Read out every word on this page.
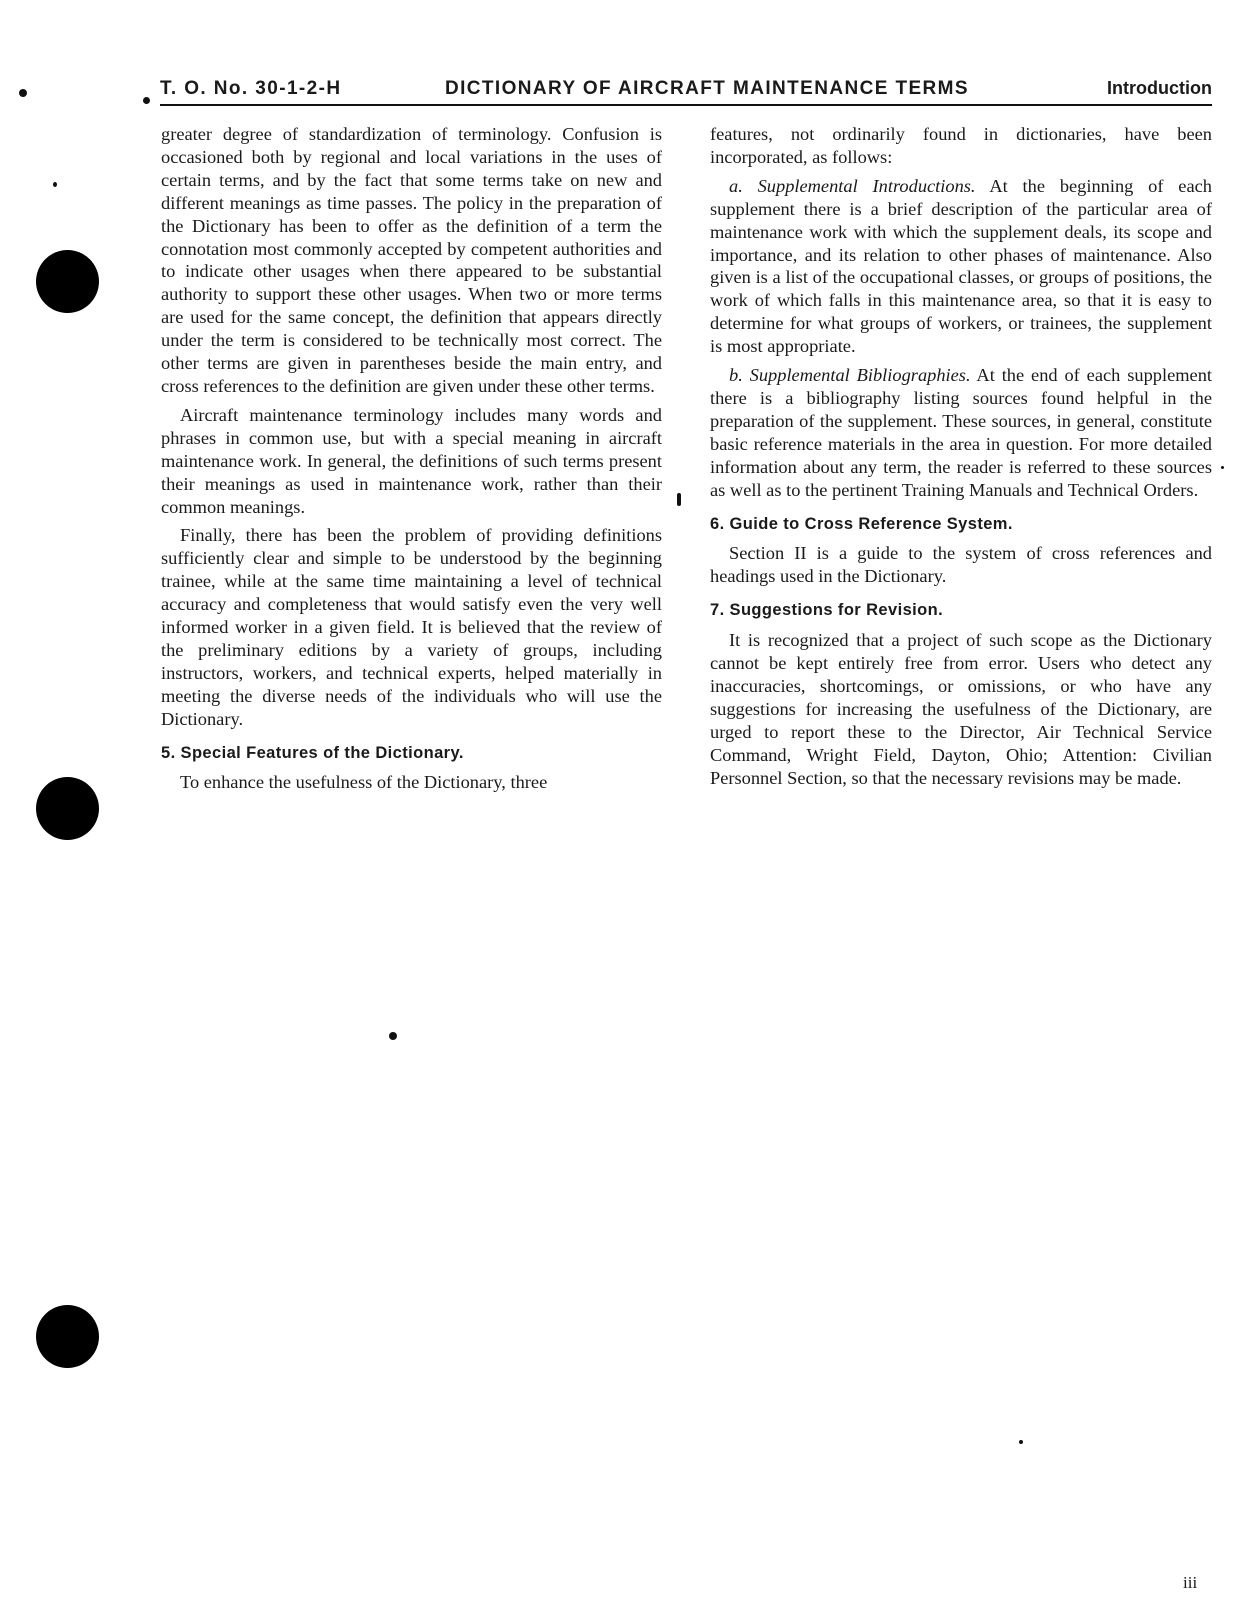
T. O. No. 30-1-2-H	DICTIONARY OF AIRCRAFT MAINTENANCE TERMS	Introduction

greater degree of standardization of terminology. Confusion is occasioned both by regional and local variations in the uses of certain terms, and by the fact that some terms take on new and different meanings as time passes. The policy in the preparation of the Dictionary has been to offer as the definition of a term the connotation most commonly accepted by competent authorities and to indicate other usages when there appeared to be substantial authority to support these other usages. When two or more terms are used for the same concept, the definition that appears directly under the term is considered to be technically most correct. The other terms are given in parentheses beside the main entry, and cross references to the definition are given under these other terms.

Aircraft maintenance terminology includes many words and phrases in common use, but with a special meaning in aircraft maintenance work. In general, the definitions of such terms present their meanings as used in maintenance work, rather than their common meanings.

Finally, there has been the problem of providing definitions sufficiently clear and simple to be understood by the beginning trainee, while at the same time maintaining a level of technical accuracy and completeness that would satisfy even the very well informed worker in a given field. It is believed that the review of the preliminary editions by a variety of groups, including instructors, workers, and technical experts, helped materially in meeting the diverse needs of the individuals who will use the Dictionary.

5. Special Features of the Dictionary.

To enhance the usefulness of the Dictionary, three

features, not ordinarily found in dictionaries, have been incorporated, as follows:

a. Supplemental Introductions. At the beginning of each supplement there is a brief description of the particular area of maintenance work with which the supplement deals, its scope and importance, and its relation to other phases of maintenance. Also given is a list of the occupational classes, or groups of positions, the work of which falls in this maintenance area, so that it is easy to determine for what groups of workers, or trainees, the supplement is most appropriate.

b. Supplemental Bibliographies. At the end of each supplement there is a bibliography listing sources found helpful in the preparation of the supplement. These sources, in general, constitute basic reference materials in the area in question. For more detailed information about any term, the reader is referred to these sources as well as to the pertinent Training Manuals and Technical Orders.

6. Guide to Cross Reference System.

Section II is a guide to the system of cross references and headings used in the Dictionary.

7. Suggestions for Revision.

It is recognized that a project of such scope as the Dictionary cannot be kept entirely free from error. Users who detect any inaccuracies, shortcomings, or omissions, or who have any suggestions for increasing the usefulness of the Dictionary, are urged to report these to the Director, Air Technical Service Command, Wright Field, Dayton, Ohio; Attention: Civilian Personnel Section, so that the necessary revisions may be made.

iii
